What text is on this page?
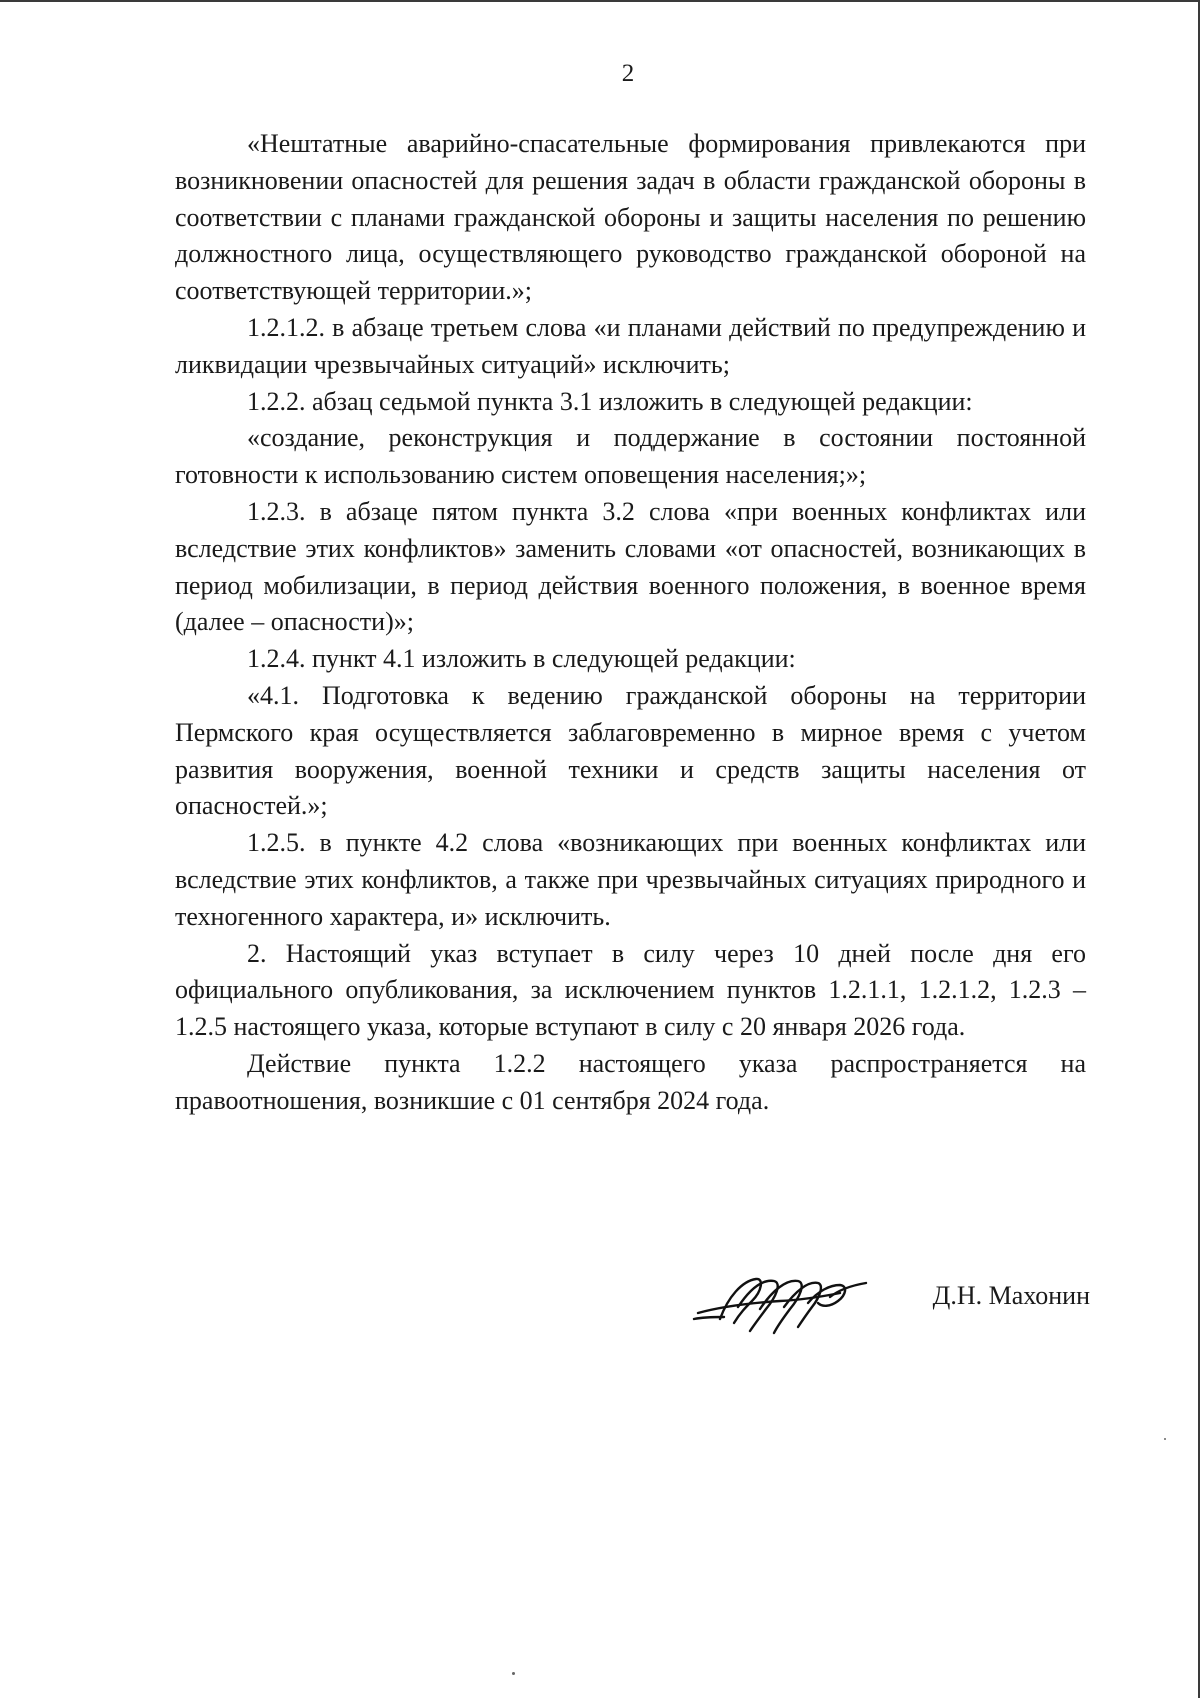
2

«Нештатные аварийно-спасательные формирования привлекаются при возникновении опасностей для решения задач в области гражданской обороны в соответствии с планами гражданской обороны и защиты населения по решению должностного лица, осуществляющего руководство гражданской обороной на соответствующей территории.»;

1.2.1.2. в абзаце третьем слова «и планами действий по предупреждению и ликвидации чрезвычайных ситуаций» исключить;

1.2.2. абзац седьмой пункта 3.1 изложить в следующей редакции:

«создание, реконструкция и поддержание в состоянии постоянной готовности к использованию систем оповещения населения;»;

1.2.3. в абзаце пятом пункта 3.2 слова «при военных конфликтах или вследствие этих конфликтов» заменить словами «от опасностей, возникающих в период мобилизации, в период действия военного положения, в военное время (далее – опасности)»;

1.2.4. пункт 4.1 изложить в следующей редакции:

«4.1. Подготовка к ведению гражданской обороны на территории Пермского края осуществляется заблаговременно в мирное время с учетом развития вооружения, военной техники и средств защиты населения от опасностей.»;

1.2.5. в пункте 4.2 слова «возникающих при военных конфликтах или вследствие этих конфликтов, а также при чрезвычайных ситуациях природного и техногенного характера, и» исключить.

2. Настоящий указ вступает в силу через 10 дней после дня его официального опубликования, за исключением пунктов 1.2.1.1, 1.2.1.2, 1.2.3 – 1.2.5 настоящего указа, которые вступают в силу с 20 января 2026 года.

Действие пункта 1.2.2 настоящего указа распространяется на правоотношения, возникшие с 01 сентября 2024 года.

Д.Н. Махонин
